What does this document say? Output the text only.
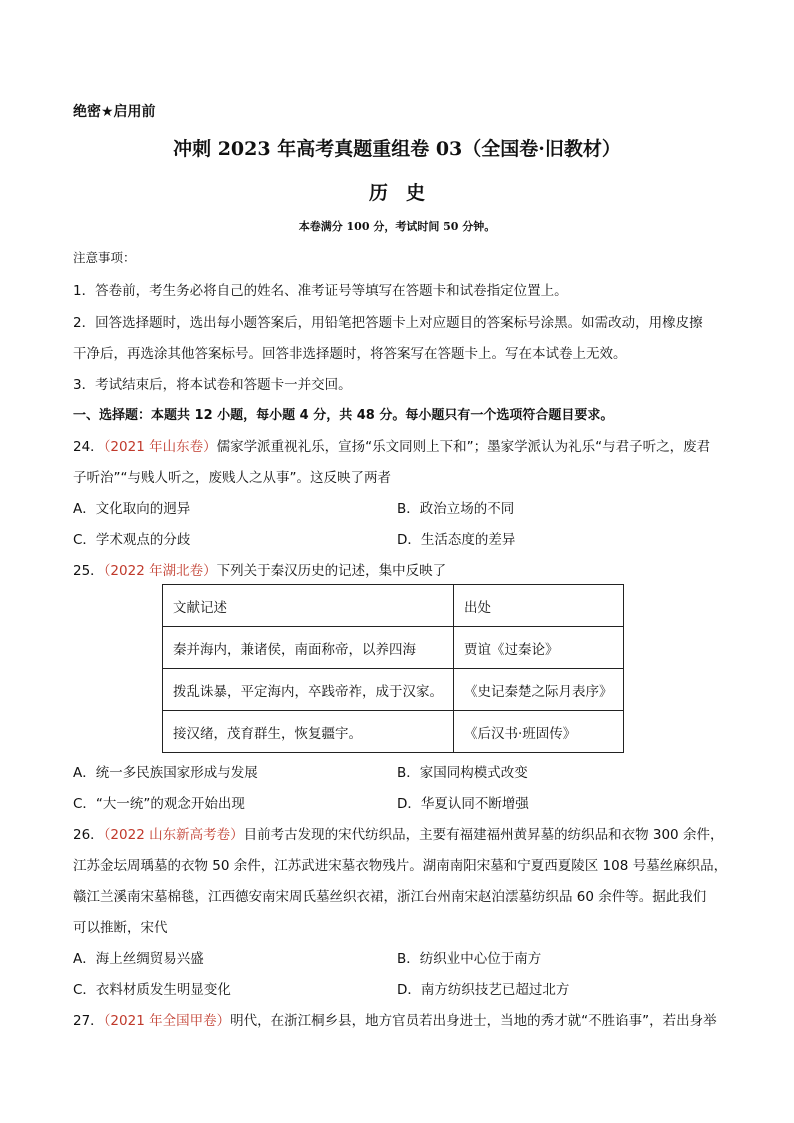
绝密★启用前
冲刺 2023 年高考真题重组卷 03（全国卷·旧教材）
历史
本卷满分 100 分，考试时间 50 分钟。
注意事项：
1．答卷前，考生务必将自己的姓名、准考证号等填写在答题卡和试卷指定位置上。
2．回答选择题时，选出每小题答案后，用铅笔把答题卡上对应题目的答案标号涂黑。如需改动，用橡皮擦
干净后，再选涂其他答案标号。回答非选择题时，将答案写在答题卡上。写在本试卷上无效。
3．考试结束后，将本试卷和答题卡一并交回。
一、选择题：本题共 12 小题，每小题 4 分，共 48 分。每小题只有一个选项符合题目要求。
24．（2021 年山东卷）儒家学派重视礼乐，宣扬“乐文同则上下和”；墨家学派认为礼乐“与君子听之，废君
子听治”“与贱人听之，废贱人之从事”。这反映了两者
A．文化取向的迥异	B．政治立场的不同
C．学术观点的分歧	D．生活态度的差异
25．（2022 年湖北卷）下列关于秦汉历史的记述，集中反映了
文献记述	出处
秦并海内，兼诸侯，南面称帝，以养四海	贾谊《过秦论》
拨乱诛暴，平定海内，卒践帝祚，成于汉家。	《史记秦楚之际月表序》
接汉绪，茂育群生，恢复疆宇。	《后汉书·班固传》
A．统一多民族国家形成与发展	B．家国同构模式改变
C．“大一统”的观念开始出现	D．华夏认同不断增强
26．（2022 山东新高考卷）目前考古发现的宋代纺织品，主要有福建福州黄昇墓的纺织品和衣物 300 余件，
江苏金坛周瑀墓的衣物 50 余件，江苏武进宋墓衣物残片。湖南南阳宋墓和宁夏西夏陵区 108 号墓丝麻织品，
赣江兰溪南宋墓棉毯，江西德安南宋周氏墓丝织衣裙，浙江台州南宋赵泊澐墓纺织品 60 余件等。据此我们
可以推断，宋代
A．海上丝绸贸易兴盛	B．纺织业中心位于南方
C．衣料材质发生明显变化	D．南方纺织技艺已超过北方
27．（2021 年全国甲卷）明代，在浙江桐乡县，地方官员若出身进士，当地的秀才就“不胜谄事”，若出身举
